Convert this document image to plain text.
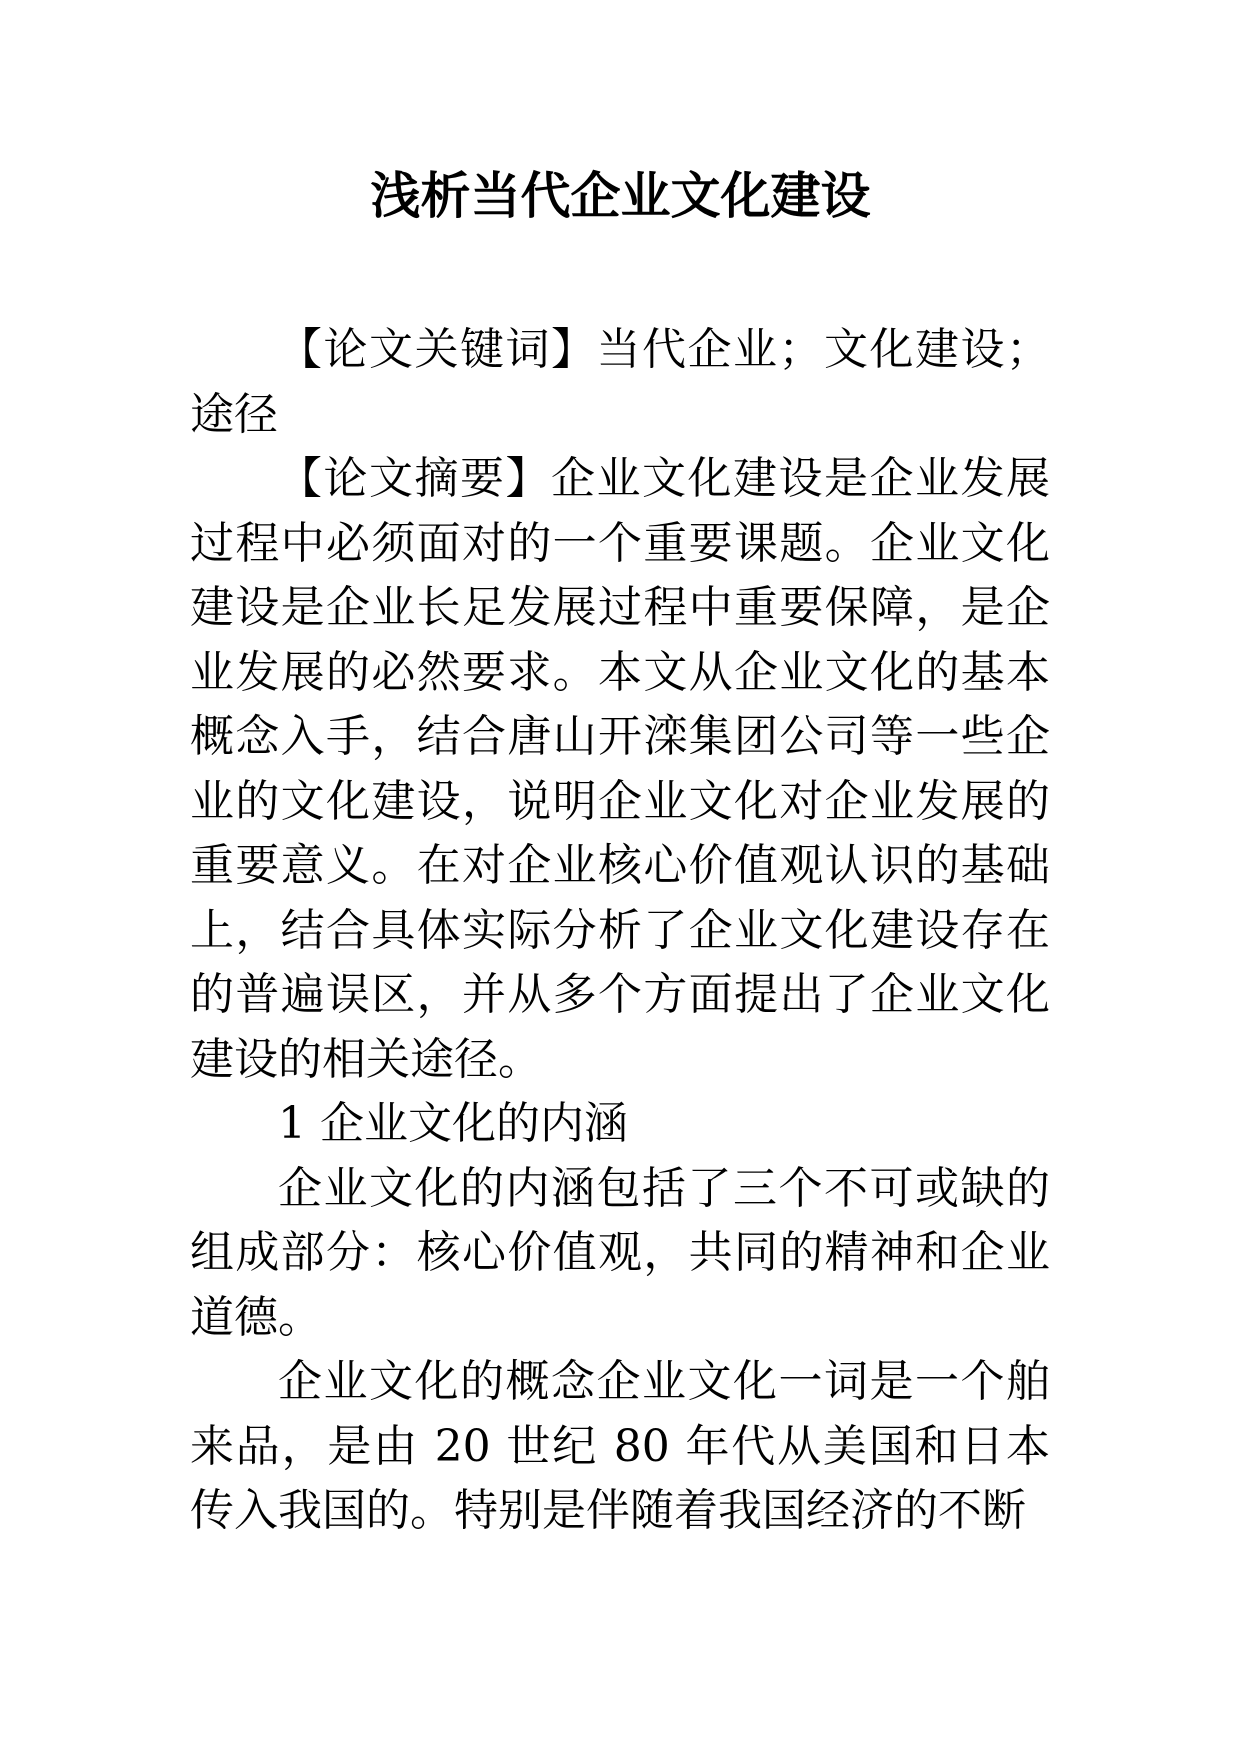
浅析当代企业文化建设

【论文关键词】当代企业；文化建设；途径

【论文摘要】企业文化建设是企业发展过程中必须面对的一个重要课题。企业文化建设是企业长足发展过程中重要保障，是企业发展的必然要求。本文从企业文化的基本概念入手，结合唐山开滦集团公司等一些企业的文化建设，说明企业文化对企业发展的重要意义。在对企业核心价值观认识的基础上，结合具体实际分析了企业文化建设存在的普遍误区，并从多个方面提出了企业文化建设的相关途径。

1 企业文化的内涵

企业文化的内涵包括了三个不可或缺的组成部分：核心价值观，共同的精神和企业道德。

企业文化的概念企业文化一词是一个舶来品，是由 20 世纪 80 年代从美国和日本传入我国的。特别是伴随着我国经济的不断
